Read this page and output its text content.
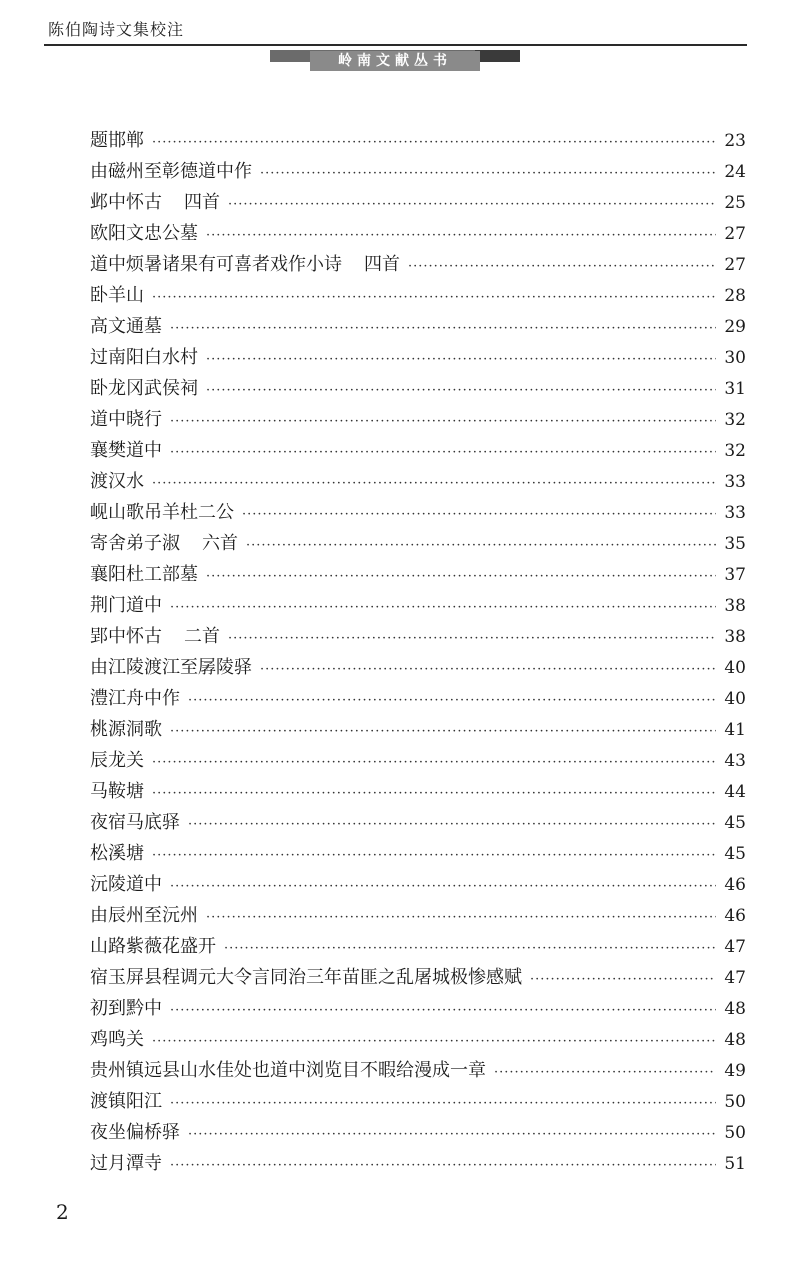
陈伯陶诗文集校注
岭南文献丛书
题邯郸 ·····	23
由磁州至彰德道中作 ·····	24
邺中怀古 四首 ·····	25
欧阳文忠公墓 ·····	27
道中烦暑诸果有可喜者戏作小诗 四首 ·····	27
卧羊山 ·····	28
高文通墓 ·····	29
过南阳白水村 ·····	30
卧龙冈武侯祠 ·····	31
道中晓行 ·····	32
襄樊道中 ·····	32
渡汉水 ·····	33
岘山歌吊羊杜二公 ·····	33
寄舍弟子淑 六首 ·····	35
襄阳杜工部墓 ·····	37
荆门道中 ·····	38
郢中怀古 二首 ·····	38
由江陵渡江至孱陵驿 ·····	40
澧江舟中作 ·····	40
桃源洞歌 ·····	41
辰龙关 ·····	43
马鞍塘 ·····	44
夜宿马底驿 ·····	45
松溪塘 ·····	45
沅陵道中 ·····	46
由辰州至沅州 ·····	46
山路紫薇花盛开 ·····	47
宿玉屏县程调元大令言同治三年苗匪之乱屠城极惨感赋 ·····	47
初到黔中 ·····	48
鸡鸣关 ·····	48
贵州镇远县山水佳处也道中浏览目不暇给漫成一章 ·····	49
渡镇阳江 ·····	50
夜坐偏桥驿 ·····	50
过月潭寺 ·····	51
2
